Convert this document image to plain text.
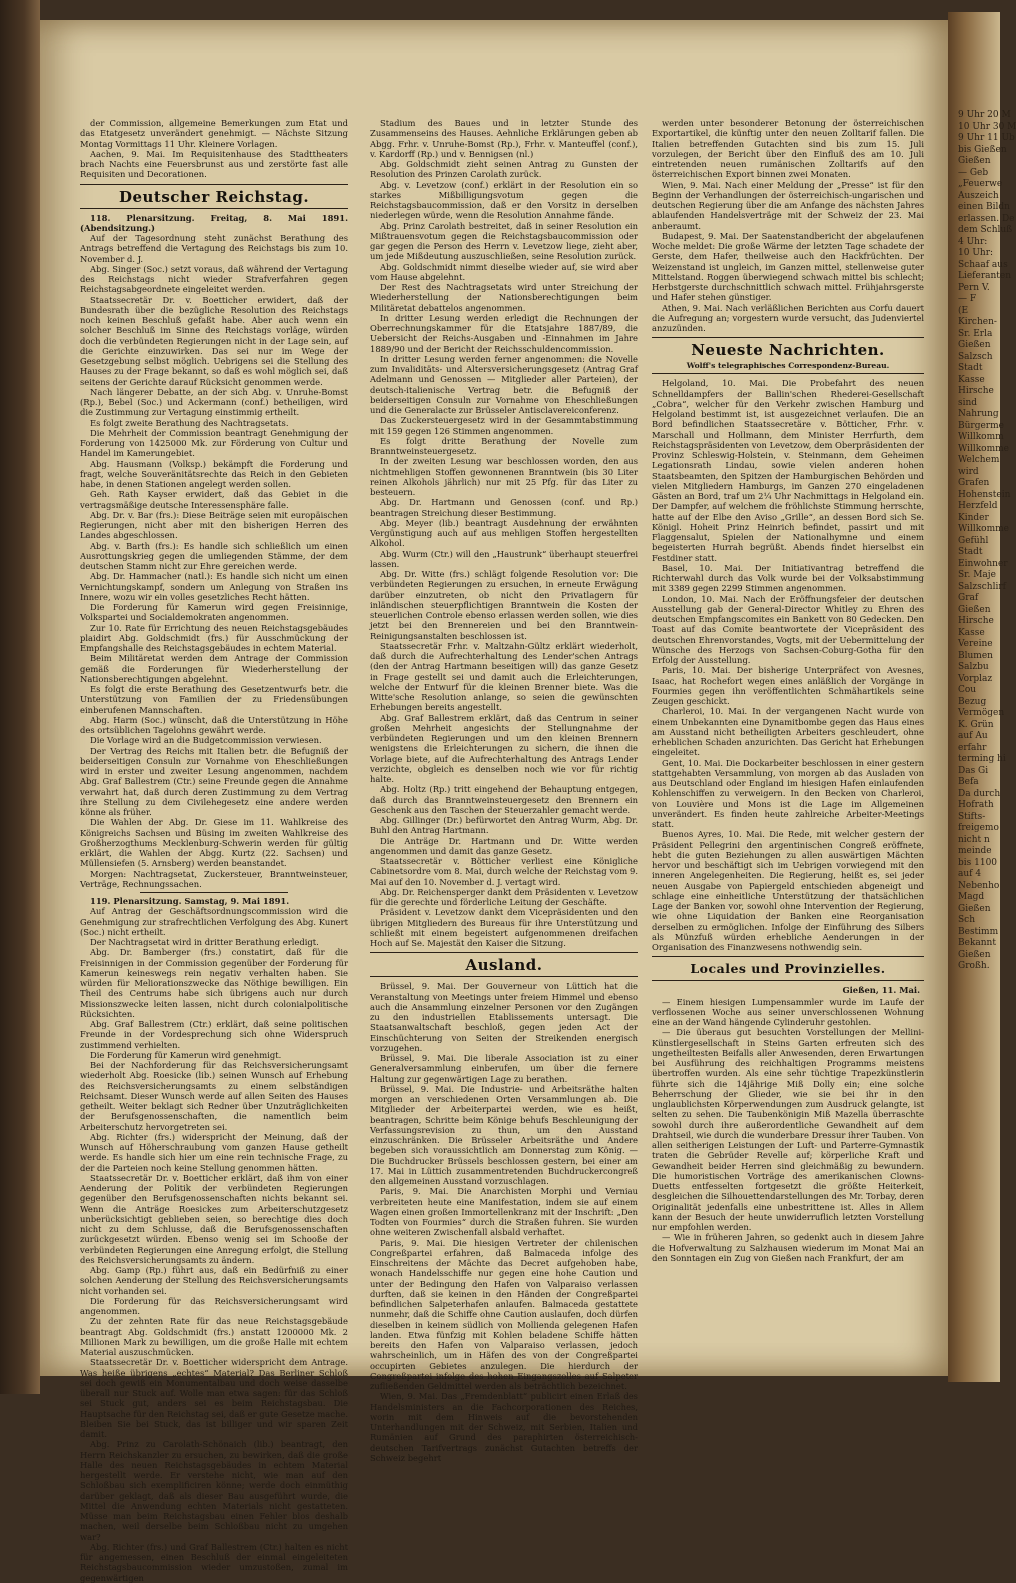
9 Uhr 20 M
10 Uhr 30 M
9 Uhr 11 Ub
bis Gießen
Gießen
— Geb
„Feuerwe
Auszeich
einen Bildn
erlassen. De
dem Schluß
4 Uhr:
10 Uhr:
Schaaf aus
Lieferanten
Pern V.
— F
(E
Kirchen-
Sr. Erla
Gießen
Salzsch
Stadt
Kasse
Hirsche
sind
Nahrung
Bürgerme
Willkomm
Willkomme
Welchem
wird
Grafen
Hohenstein
Herzfeld
Kinder
Willkomme
Gefühl
Stadt
Einwohner
Sr. Maje
Salzschlirf
Graf
Gießen
Hirsche
Kasse
Vereine
Blumen
Salzbu
Vorplaz
Cou
Bezug
Vermögen
K. Grün
auf Au
erfahr
terming hi
Das Gi
Befa
Da durch
Hofrath
Stifts-
freigemo
nicht n
meinde
bis 1100
auf 4
Nebenho
Magd
Gießen
Sch
Bestimm
Bekannt
Gießen
Großh.

der Commission, allgemeine Bemerkungen zum Etat und das Etatgesetz unverändert genehmigt. — Nächste Sitzung Montag Vormittags 11 Uhr. Kleinere Vorlagen.

Aachen, 9. Mai. Im Requisitenhause des Stadttheaters brach Nachts eine Feuersbrunst aus und zerstörte fast alle Requisiten und Decorationen.

Deutscher Reichstag.

118. Plenarsitzung. Freitag, 8. Mai 1891. (Abendsitzung.)

Auf der Tagesordnung steht zunächst Berathung des Antrags betreffend die Vertagung des Reichstags bis zum 10. November d. J.

Abg. Singer (Soc.) setzt voraus, daß während der Vertagung des Reichstags nicht wieder Strafverfahren gegen Reichstagsabgeordnete eingeleitet werden.

Staatssecretär Dr. v. Boetticher erwidert, daß der Bundesrath über die bezügliche Resolution des Reichstags noch keinen Beschluß gefaßt habe. Aber auch wenn ein solcher Beschluß im Sinne des Reichstags vorläge, würden doch die verbündeten Regierungen nicht in der Lage sein, auf die Gerichte einzuwirken. Das sei nur im Wege der Gesetzgebung selbst möglich. Uebrigens sei die Stellung des Hauses zu der Frage bekannt, so daß es wohl möglich sei, daß seitens der Gerichte darauf Rücksicht genommen werde.

Nach längerer Debatte, an der sich Abg. v. Unruhe-Bomst (Rp.), Bebel (Soc.) und Ackermann (conf.) betheiligen, wird die Zustimmung zur Vertagung einstimmig ertheilt.

Es folgt zweite Berathung des Nachtragsetats.

Die Mehrheit der Commission beantragt Genehmigung der Forderung von 1425000 Mk. zur Förderung von Cultur und Handel im Kamerungebiet.

Abg. Hausmann (Volksp.) bekämpft die Forderung und fragt, welche Souveränitätsrechte das Reich in den Gebieten habe, in denen Stationen angelegt werden sollen.

Geh. Rath Kayser erwidert, daß das Gebiet in die vertragsmäßige deutsche Interessensphäre falle.

Abg. Dr. v. Bar (frs.): Diese Beiträge seien mit europäischen Regierungen, nicht aber mit den bisherigen Herren des Landes abgeschlossen.

Abg. v. Barth (frs.): Es handle sich schließlich um einen Ausrottungskrieg gegen die umliegenden Stämme, der dem deutschen Stamm nicht zur Ehre gereichen werde.

Abg. Dr. Hammacher (natl.): Es handle sich nicht um einen Vernichtungskampf, sondern um Anlegung von Straßen ins Innere, wozu wir ein volles gesetzliches Recht hätten.

Die Forderung für Kamerun wird gegen Freisinnige, Volkspartei und Socialdemokraten angenommen.

Zur 10. Rate für Errichtung des neuen Reichstagsgebäudes plaidirt Abg. Goldschmidt (frs.) für Ausschmückung der Empfangshalle des Reichstagsgebäudes in echtem Material.

Beim Militäretat werden dem Antrage der Commission gemäß die Forderungen für Wiederherstellung der Nationsberechtigungen abgelehnt.

Es folgt die erste Berathung des Gesetzentwurfs betr. die Unterstützung von Familien der zu Friedensübungen einberufenen Mannschaften.

Abg. Harm (Soc.) wünscht, daß die Unterstützung in Höhe des ortsüblichen Tagelohns gewährt werde.

Die Vorlage wird an die Budgetcommission verwiesen.

Der Vertrag des Reichs mit Italien betr. die Befugniß der beiderseitigen Consuln zur Vornahme von Eheschließungen wird in erster und zweiter Lesung angenommen, nachdem Abg. Graf Ballestrem (Ctr.) seine Freunde gegen die Annahme verwahrt hat, daß durch deren Zustimmung zu dem Vertrag ihre Stellung zu dem Civilehegesetz eine andere werden könne als früher.

Die Wahlen der Abg. Dr. Giese im 11. Wahlkreise des Königreichs Sachsen und Büsing im zweiten Wahlkreise des Großherzogthums Mecklenburg-Schwerin werden für gültig erklärt, die Wahlen der Abgg. Kurtz (22. Sachsen) und Müllensiefen (5. Arnsberg) werden beanstandet.

Morgen: Nachtragsetat, Zuckersteuer, Branntweinsteuer, Verträge, Rechnungssachen.

119. Plenarsitzung. Samstag, 9. Mai 1891.

Auf Antrag der Geschäftsordnungscommission wird die Genehmigung zur strafrechtlichen Verfolgung des Abg. Kunert (Soc.) nicht ertheilt.

Der Nachtragsetat wird in dritter Berathung erledigt.

Abg. Dr. Bamberger (frs.) constatirt, daß für die Freisinnigen in der Commission gegenüber der Forderung für Kamerun keineswegs rein negativ verhalten haben. Sie würden für Meliorationszwecke das Nöthige bewilligen. Ein Theil des Centrums habe sich übrigens auch nur durch Missionszwecke leiten lassen, nicht durch colonialpolitische Rücksichten.

Abg. Graf Ballestrem (Ctr.) erklärt, daß seine politischen Freunde in der Vordesprechung sich ohne Widerspruch zustimmend verhielten.

Die Forderung für Kamerun wird genehmigt.

Bei der Nachforderung für das Reichsversicherungsamt wiederholt Abg. Roesicke (lib.) seinen Wunsch auf Erhebung des Reichsversicherungsamts zu einem selbständigen Reichsamt. Dieser Wunsch werde auf allen Seiten des Hauses getheilt. Weiter beklagt sich Redner über Unzuträglichkeiten der Berufsgenossenschaften, die namentlich beim Arbeiterschutz hervorgetreten sei.

Abg. Richter (frs.) widerspricht der Meinung, daß der Wunsch auf Höherschraubung vom ganzen Hause getheilt werde. Es handle sich hier um eine rein technische Frage, zu der die Parteien noch keine Stellung genommen hätten.

Staatssecretär Dr. v. Boetticher erklärt, daß ihm von einer Aenderung der Politik der verbündeten Regierungen gegenüber den Berufsgenossenschaften nichts bekannt sei. Wenn die Anträge Roesickes zum Arbeiterschutzgesetz unberücksichtigt geblieben seien, so berechtige dies doch nicht zu dem Schlusse, daß die Berufsgenossenschaften zurückgesetzt würden. Ebenso wenig sei im Schooße der verbündeten Regierungen eine Anregung erfolgt, die Stellung des Reichsversicherungsamts zu ändern.

Abg. Gamp (Rp.) führt aus, daß ein Bedürfniß zu einer solchen Aenderung der Stellung des Reichsversicherungsamts nicht vorhanden sei.

Die Forderung für das Reichsversicherungsamt wird angenommen.

Zu der zehnten Rate für das neue Reichstagsgebäude beantragt Abg. Goldschmidt (frs.) anstatt 1200000 Mk. 2 Millionen Mark zu bewilligen, um die große Halle mit echtem Material auszuschmücken.

Staatssecretär Dr. v. Boetticher widerspricht dem Antrage. Was heiße übrigens „echtes“ Material? Das Berliner Schloß sei doch gewiß ein Monumentalbau und doch weise dasselbe überall nur Stuck auf. Wolle man etwa sagen: für das Schloß sei Stuck gut, anders sei es beim Reichstagsbau. Die Hauptsache für den Reichstag sei, daß er gute Gesetze mache. Bleiben Sie bei Stuck, das ist billiger und wir sparen Zeit damit.

Abg. Prinz zu Carolath-Schönaich (lib.) beantragt, den Herrn Reichskanzler zu ersuchen, zu bewirken, daß die große Halle des neuen Reichstagsgebäudes in echtem Material hergestellt werde. Er verstehe nicht, wie man auf den Schloßbau sich exemplificiren könne; werde doch einmüthig darüber geklagt, daß als dieser Bau ausgeführt wurde, die Mittel die Anwendung echten Materials nicht gestatteten. Müsse man beim Reichstagsbau einen Fehler blos deshalb machen, weil derselbe beim Schloßbau nicht zu umgehen war?

Abg. Richter (frs.) und Graf Ballestrem (Ctr.) halten es nicht für angemessen, einen Beschluß der einmal eingeleiteten Reichstagsbaucommission wieder umzustoßen, zumal im gegenwärtigen

Stadium des Baues und in letzter Stunde des Zusammenseins des Hauses. Aehnliche Erklärungen geben ab Abgg. Frhr. v. Unruhe-Bomst (Rp.), Frhr. v. Manteuffel (conf.), v. Kardorff (Rp.) und v. Bennigsen (nl.)

Abg. Goldschmidt zieht seinen Antrag zu Gunsten der Resolution des Prinzen Carolath zurück.

Abg. v. Levetzow (conf.) erklärt in der Resolution ein so starkes Mißbilligungsvotum gegen die Reichstagsbaucommission, daß er den Vorsitz in derselben niederlegen würde, wenn die Resolution Annahme fände.

Abg. Prinz Carolath bestreitet, daß in seiner Resolution ein Mißtrauensvotum gegen die Reichstagsbaucommission oder gar gegen die Person des Herrn v. Levetzow liege, zieht aber, um jede Mißdeutung auszuschließen, seine Resolution zurück.

Abg. Goldschmidt nimmt dieselbe wieder auf, sie wird aber vom Hause abgelehnt.

Der Rest des Nachtragsetats wird unter Streichung der Wiederherstellung der Nationsberechtigungen beim Militäretat debattelos angenommen.

In dritter Lesung werden erledigt die Rechnungen der Oberrechnungskammer für die Etatsjahre 1887/89, die Uebersicht der Reichs-Ausgaben und -Einnahmen im Jahre 1889/90 und der Bericht der Reichsschuldencommission.

In dritter Lesung werden ferner angenommen: die Novelle zum Invaliditäts- und Altersversicherungsgesetz (Antrag Graf Adelmann und Genossen — Mitglieder aller Parteien), der deutsch-italienische Vertrag betr. die Befugniß der beiderseitigen Consuln zur Vornahme von Eheschließungen und die Generalacte zur Brüsseler Antisclavereiconferenz.

Das Zuckersteuergesetz wird in der Gesammtabstimmung mit 159 gegen 126 Stimmen angenommen.

Es folgt dritte Berathung der Novelle zum Branntweinsteuergesetz.

In der zweiten Lesung war beschlossen worden, den aus nichtmehligen Stoffen gewonnenen Branntwein (bis 30 Liter reinen Alkohols jährlich) nur mit 25 Pfg. für das Liter zu besteuern.

Abg. Dr. Hartmann und Genossen (conf. und Rp.) beantragen Streichung dieser Bestimmung.

Abg. Meyer (lib.) beantragt Ausdehnung der erwähnten Vergünstigung auch auf aus mehligen Stoffen hergestellten Alkohol.

Abg. Wurm (Ctr.) will den „Haustrunk“ überhaupt steuerfrei lassen.

Abg. Dr. Witte (frs.) schlägt folgende Resolution vor: Die verbündeten Regierungen zu ersuchen, in erneute Erwägung darüber einzutreten, ob nicht den Privatlagern für inländischen steuerpflichtigen Branntwein die Kosten der steuerlichen Controle ebenso erlassen werden sollen, wie dies jetzt bei den Brennereien und bei den Branntwein-Reinigungsanstalten beschlossen ist.

Staatssecretär Frhr. v. Maltzahn-Gültz erklärt wiederholt, daß durch die Aufrechterhaltung des Lender'schen Antrags (den der Antrag Hartmann beseitigen will) das ganze Gesetz in Frage gestellt sei und damit auch die Erleichterungen, welche der Entwurf für die kleinen Brenner biete. Was die Witte'sche Resolution anlange, so seien die gewünschten Erhebungen bereits angestellt.

Abg. Graf Ballestrem erklärt, daß das Centrum in seiner großen Mehrheit angesichts der Stellungnahme der verbündeten Regierungen und um den kleinen Brennern wenigstens die Erleichterungen zu sichern, die ihnen die Vorlage biete, auf die Aufrechterhaltung des Antrags Lender verzichte, obgleich es denselben noch wie vor für richtig halte.

Abg. Holtz (Rp.) tritt eingehend der Behauptung entgegen, daß durch das Branntweinsteuergesetz den Brennern ein Geschenk aus den Taschen der Steuerzahler gemacht werde.

Abg. Gillinger (Dr.) befürwortet den Antrag Wurm, Abg. Dr. Buhl den Antrag Hartmann.

Die Anträge Dr. Hartmann und Dr. Witte werden angenommen und damit das ganze Gesetz.

Staatssecretär v. Bötticher verliest eine Königliche Cabinetsordre vom 8. Mai, durch welche der Reichstag vom 9. Mai auf den 10. November d. J. vertagt wird.

Abg. Dr. Reichensperger dankt dem Präsidenten v. Levetzow für die gerechte und förderliche Leitung der Geschäfte.

Präsident v. Levetzow dankt dem Vicepräsidenten und den übrigen Mitgliedern des Bureaus für ihre Unterstützung und schließt mit einem begeistert aufgenommenen dreifachen Hoch auf Se. Majestät den Kaiser die Sitzung.

Ausland.

Brüssel, 9. Mai. Der Gouverneur von Lüttich hat die Veranstaltung von Meetings unter freiem Himmel und ebenso auch die Ansammlung einzelner Personen vor den Zugängen zu den industriellen Etablissements untersagt. Die Staatsanwaltschaft beschloß, gegen jeden Act der Einschüchterung von Seiten der Streikenden energisch vorzugehen.

Brüssel, 9. Mai. Die liberale Association ist zu einer Generalversammlung einberufen, um über die fernere Haltung zur gegenwärtigen Lage zu berathen.

Brüssel, 9. Mai. Die Industrie- und Arbeitsräthe halten morgen an verschiedenen Orten Versammlungen ab. Die Mitglieder der Arbeiterpartei werden, wie es heißt, beantragen, Schritte beim Könige behufs Beschleunigung der Verfassungsrevision zu thun, um den Ausstand einzuschränken. Die Brüsseler Arbeitsräthe und Andere begeben sich voraussichtlich am Donnerstag zum König. — Die Buchdrucker Brüssels beschlossen gestern, bei einer am 17. Mai in Lüttich zusammentretenden Buchdruckercongreß den allgemeinen Ausstand vorzuschlagen.

Paris, 9. Mai. Die Anarchisten Morphi und Verniau verbreiteten heute eine Manifestation, indem sie auf einem Wagen einen großen Immortellenkranz mit der Inschrift: „Den Todten von Fourmies“ durch die Straßen fuhren. Sie wurden ohne weiteren Zwischenfall alsbald verhaftet.

Paris, 9. Mai. Die hiesigen Vertreter der chilenischen Congreßpartei erfahren, daß Balmaceda infolge des Einschreitens der Mächte das Decret aufgehoben habe, wonach Handelsschiffe nur gegen eine hohe Caution und unter der Bedingung den Hafen von Valparaiso verlassen durften, daß sie keinen in den Händen der Congreßpartei befindlichen Salpeterhafen anlaufen. Balmaceda gestattete nunmehr, daß die Schiffe ohne Caution auslaufen, doch dürfen dieselben in keinem südlich von Mollienda gelegenen Hafen landen. Etwa fünfzig mit Kohlen beladene Schiffe hätten bereits den Hafen von Valparaiso verlassen, jedoch wahrscheinlich, um in Häfen des von der Congreßpartei occupirten Gebietes anzulegen. Die hierdurch der Congreßpartei infolge des hohen Eingangszolles auf Salpeter zufließenden Geldmittel werden als beträchtlich bezeichnet.

Wien, 9. Mai. Das „Fremdenblatt“ publicirt einen Erlaß des Handelsministers an die Fachcorporationen des Reiches, worin mit dem Hinweis auf die bevorstehenden Unterhandlungen mit der Schweiz, mit Serbien, Italien und Rumänien auf Grund des paraphirten österreichisch-deutschen Tarifvertrags zunächst Gutachten betreffs der Schweiz begehrt

werden unter besonderer Betonung der österreichischen Exportartikel, die künftig unter den neuen Zolltarif fallen. Die Italien betreffenden Gutachten sind bis zum 15. Juli vorzulegen, der Bericht über den Einfluß des am 10. Juli eintretenden neuen rumänischen Zolltarifs auf den österreichischen Export binnen zwei Monaten.

Wien, 9. Mai. Nach einer Meldung der „Presse“ ist für den Beginn der Verhandlungen der österreichisch-ungarischen und deutschen Regierung über die am Anfange des nächsten Jahres ablaufenden Handelsverträge mit der Schweiz der 23. Mai anberaumt.

Budapest, 9. Mai. Der Saatenstandbericht der abgelaufenen Woche meldet: Die große Wärme der letzten Tage schadete der Gerste, dem Hafer, theilweise auch den Hackfrüchten. Der Weizenstand ist ungleich, im Ganzen mittel, stellenweise guter Mittelstand. Roggen überwiegend schwach mittel bis schlecht; Herbstgerste durchschnittlich schwach mittel. Frühjahrsgerste und Hafer stehen günstiger.

Athen, 9. Mai. Nach verläßlichen Berichten aus Corfu dauert die Aufregung an; vorgestern wurde versucht, das Judenviertel anzuzünden.

Neueste Nachrichten.
Wolff's telegraphisches Correspondenz-Bureau.

Helgoland, 10. Mai. Die Probefahrt des neuen Schnelldampfers der Ballin'schen Rhederei-Gesellschaft „Cobra“, welcher für den Verkehr zwischen Hamburg und Helgoland bestimmt ist, ist ausgezeichnet verlaufen. Die an Bord befindlichen Staatssecretäre v. Bötticher, Frhr. v. Marschall und Hollmann, dem Minister Herrfurth, dem Reichstagspräsidenten von Levetzow, dem Oberpräsidenten der Provinz Schleswig-Holstein, v. Steinmann, dem Geheimen Legationsrath Lindau, sowie vielen anderen hohen Staatsbeamten, den Spitzen der Hamburgischen Behörden und vielen Mitgliedern Hamburgs, im Ganzen 270 eingeladenen Gästen an Bord, traf um 2¼ Uhr Nachmittags in Helgoland ein. Der Dampfer, auf welchem die fröhlichste Stimmung herrschte, hatte auf der Elbe den Aviso „Grille“, an dessen Bord sich Se. Königl. Hoheit Prinz Heinrich befindet, passirt und mit Flaggensalut, Spielen der Nationalhymne und einem begeisterten Hurrah begrüßt. Abends findet hierselbst ein Festdiner statt.

Basel, 10. Mai. Der Initiativantrag betreffend die Richterwahl durch das Volk wurde bei der Volksabstimmung mit 3389 gegen 2299 Stimmen angenommen.

London, 10. Mai. Nach der Eröffnungsfeier der deutschen Ausstellung gab der General-Director Whitley zu Ehren des deutschen Empfangscomites ein Bankett von 80 Gedecken. Den Toast auf das Comite beantwortete der Vicepräsident des deutschen Ehrenvorstandes, Vogts, mit der Uebermittelung der Wünsche des Herzogs von Sachsen-Coburg-Gotha für den Erfolg der Ausstellung.

Paris, 10. Mai. Der bisherige Unterpräfect von Avesnes, Isaac, hat Rochefort wegen eines anläßlich der Vorgänge in Fourmies gegen ihn veröffentlichten Schmähartikels seine Zeugen geschickt.

Charleroi, 10. Mai. In der vergangenen Nacht wurde von einem Unbekannten eine Dynamitbombe gegen das Haus eines am Ausstand nicht betheiligten Arbeiters geschleudert, ohne erheblichen Schaden anzurichten. Das Gericht hat Erhebungen eingeleitet.

Gent, 10. Mai. Die Dockarbeiter beschlossen in einer gestern stattgehabten Versammlung, von morgen ab das Ausladen von aus Deutschland oder England im hiesigen Hafen einlaufenden Kohlenschiffen zu verweigern. In den Becken von Charleroi, von Louvière und Mons ist die Lage im Allgemeinen unverändert. Es finden heute zahlreiche Arbeiter-Meetings statt.

Buenos Ayres, 10. Mai. Die Rede, mit welcher gestern der Präsident Pellegrini den argentinischen Congreß eröffnete, hebt die guten Beziehungen zu allen auswärtigen Mächten hervor und beschäftigt sich im Uebrigen vorwiegend mit den inneren Angelegenheiten. Die Regierung, heißt es, sei jeder neuen Ausgabe von Papiergeld entschieden abgeneigt und schlage eine einheitliche Unterstützung der thatsächlichen Lage der Banken vor, sowohl ohne Intervention der Regierung, wie ohne Liquidation der Banken eine Reorganisation derselben zu ermöglichen. Infolge der Einführung des Silbers als Münzfuß würden erhebliche Aenderungen in der Organisation des Finanzwesens nothwendig sein.

Locales und Provinzielles.

Gießen, 11. Mai.

— Einem hiesigen Lumpensammler wurde im Laufe der verflossenen Woche aus seiner unverschlossenen Wohnung eine an der Wand hängende Cylinderuhr gestohlen.

— Die überaus gut besuchten Vorstellungen der Mellini-Künstlergesellschaft in Steins Garten erfreuten sich des ungetheiltesten Beifalls aller Anwesenden, deren Erwartungen bei Ausführung des reichhaltigen Programms meistens übertroffen wurden. Als eine sehr tüchtige Trapezkünstlerin führte sich die 14jährige Miß Dolly ein; eine solche Beherrschung der Glieder, wie sie bei ihr in den unglaublichsten Körperwendungen zum Ausdruck gelangte, ist selten zu sehen. Die Taubenkönigin Miß Mazella überraschte sowohl durch ihre außerordentliche Gewandheit auf dem Drahtseil, wie durch die wunderbare Dressur ihrer Tauben. Von allen seitherigen Leistungen der Luft- und Parterre-Gymnastik traten die Gebrüder Revelle auf; körperliche Kraft und Gewandheit beider Herren sind gleichmäßig zu bewundern. Die humoristischen Vorträge des amerikanischen Clowns-Duetts entfesselten fortgesetzt die größte Heiterkeit, desgleichen die Silhouettendarstellungen des Mr. Torbay, deren Originalität jedenfalls eine unbestrittene ist. Alles in Allem kann der Besuch der heute unwiderruflich letzten Vorstellung nur empfohlen werden.

— Wie in früheren Jahren, so gedenkt auch in diesem Jahre die Hofverwaltung zu Salzhausen wiederum im Monat Mai an den Sonntagen ein Zug von Gießen nach Frankfurt, der am
